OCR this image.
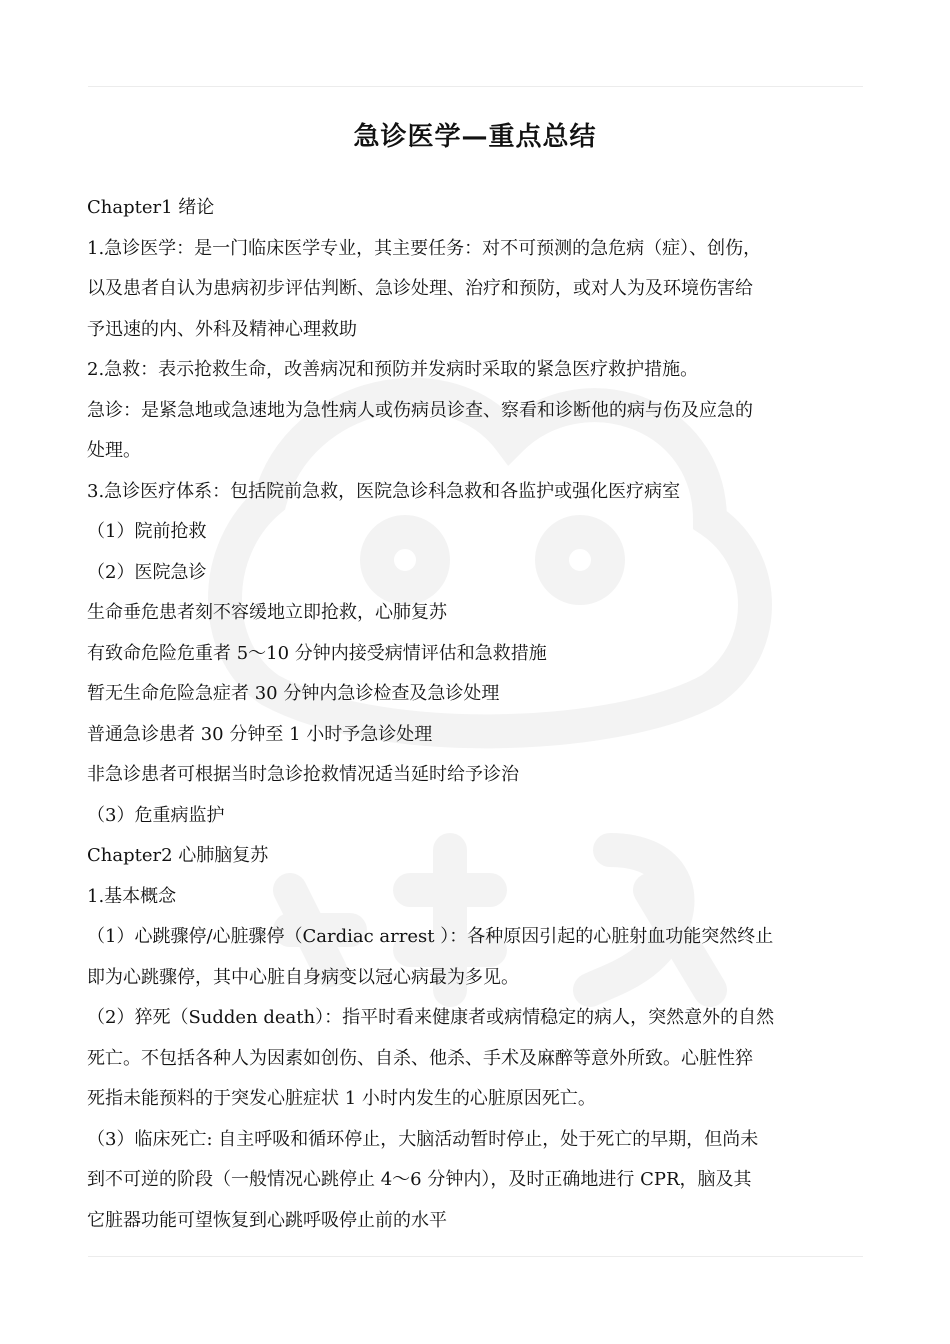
急诊医学—重点总结

Chapter1 绪论

1.急诊医学：是一门临床医学专业，其主要任务：对不可预测的急危病（症）、创伤，

以及患者自认为患病初步评估判断、急诊处理、治疗和预防，或对人为及环境伤害给

予迅速的内、外科及精神心理救助

2.急救：表示抢救生命，改善病况和预防并发病时采取的紧急医疗救护措施。

急诊：是紧急地或急速地为急性病人或伤病员诊查、察看和诊断他的病与伤及应急的

处理。

3.急诊医疗体系：包括院前急救，医院急诊科急救和各监护或强化医疗病室

（1）院前抢救

（2）医院急诊

生命垂危患者刻不容缓地立即抢救，心肺复苏

有致命危险危重者 5～10 分钟内接受病情评估和急救措施

暂无生命危险急症者 30 分钟内急诊检查及急诊处理

普通急诊患者 30 分钟至 1 小时予急诊处理

非急诊患者可根据当时急诊抢救情况适当延时给予诊治

（3）危重病监护

Chapter2 心肺脑复苏

1.基本概念

（1）心跳骤停/心脏骤停（Cardiac arrest ）：各种原因引起的心脏射血功能突然终止

即为心跳骤停，其中心脏自身病变以冠心病最为多见。

（2）猝死（Sudden death）：指平时看来健康者或病情稳定的病人，突然意外的自然

死亡。不包括各种人为因素如创伤、自杀、他杀、手术及麻醉等意外所致。心脏性猝

死指未能预料的于突发心脏症状 1 小时内发生的心脏原因死亡。

（3）临床死亡: 自主呼吸和循环停止，大脑活动暂时停止，处于死亡的早期，但尚未

到不可逆的阶段（一般情况心跳停止 4～6 分钟内），及时正确地进行 CPR，脑及其

它脏器功能可望恢复到心跳呼吸停止前的水平
